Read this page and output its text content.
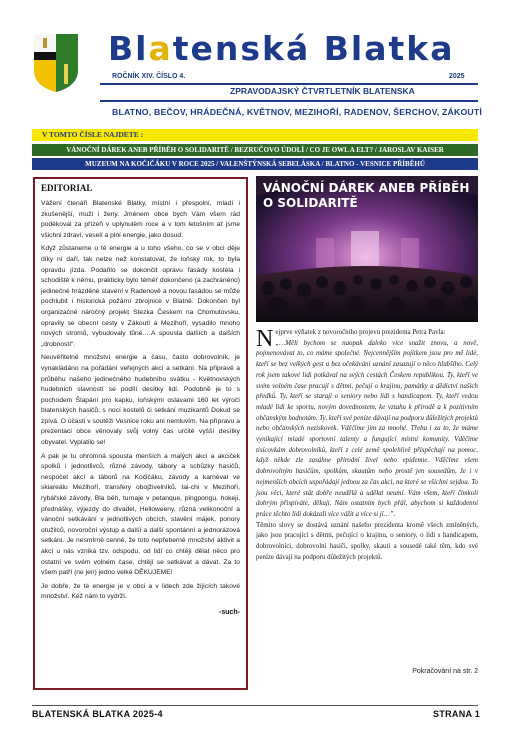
Blatenská Blatka
ROČNÍK XIV. ČÍSLO 4.	2025
ZPRAVODAJSKÝ ČTVRTLETNÍK BLATENSKA
BLATNO, BEČOV, HRÁDEČNÁ, KVĚTNOV, MEZIHOŘÍ, RADENOV, ŠERCHOV, ZÁKOUTÍ
V TOMTO ČÍSLE NAJDETE :
VÁNOČNÍ DÁREK ANEB PŘÍBĚH O SOLIDARITĚ / BEZRUČOVO ÚDOLÍ / CO JE OWL A ELT? / JAROSLAV KAISER
MUZEUM NA KOČIČÁKU V ROCE 2025 / VALENŠTÝNSKÁ SEBELÁSKA / BLATNO - VESNICE PŘÍBĚHŮ
EDITORIAL

Vážení čtenáři Blatenské Blatky, místní i přespolní, mladí i zkušenější, muži i ženy. Jménem obce bych Vám všem rád poděkoval za přízeň v uplynulém roce a v tom letošním ať jsme všichni zdraví, veselí a plní energie, jako dosud.

Když zůstaneme u té energie a u toho všeho, co se v obci děje díky ní daří, tak nelze než konstatovat, že loňský rok, to byla opravdu jízda. Podařilo se dokončit opravu fasády kostela i schodiště k němu, prakticky bylo téměř dokončeno (a zachráněno) jedinečné hrázděné stavení v Radenově a novou fasádou se může pochlubit i historická požární zbrojnice v Blatně. Dokončen byl organizačně náročný projekt Stezka Českem na Chomutovsku, opravily se obecní cesty v Zákoutí a Mezihoří, vysadilo mnoho nových stromů, vybudovaly tůně.…A spousta dalších a dalších „drobností“.

Neuvěřitelné množství energie a času, často dobrovolník, je vynakládáno na pořádání veřejných akcí a setkání. Na připravě a průběhu našeho jedinečného hudebního svátku - Květnovských hudebních slavností se podílí desítky lidí. Podobně je to s pochodem Šlapání pro kapku, loňskými oslavami 160 let výročí blatenských hasičů, s nocí kostelů či setkání muzikantů Dokud se zpívá. O účasti v soutěži Vesnice roku ani nemluvím. Na přípravu a prezentaci obce věnovaly svůj volný čas určitě vyšší desítky obyvatel. Vyplatilo se!

A pak je tu ohromná spousta menších a malých akcí a akciček spolků i jednotlivců, různé závody, tábory a schůzky hasičů, nespočet akcí a táborů na Kočičáku, závody a karneval ve skiareálu Mezihoří, transfery obojživelníků, tai-chi v Mezihoří, rybářské závody, Bla běh, turnaje v petanque, pingpongu, hokeji, přednášky, výjezdy do divadel, Helloweeny, různá velikonoční a vánoční setkávání v jednotlivých obcích, stavění májek, ponory otužilců, novoroční výstup a další a další spontánní a jednorázová setkání. Je nesmírně cenné, že toto nepřeberné množství aktivit a akcí u nás vzniká tzv. odspodu, od lidí co chtějí dělat něco pro ostatní ve svém volném čase, chtějí se setkávat a dávat. Za to všem patří (ne jen) jedno velké DĚKUJEME!

Je dobře, že té energie je v obci a v lidech zde žijících takové množství. Kéž nám to vydrží.

-such-
VÁNOČNÍ DÁREK ANEB PŘÍBĚH O SOLIDARITĚ
Nejprve výňatek z novoročního projevu prezidenta Petra Pavla:
„…Měli bychom se naopak daleko více snažit znovu, a nově, pojmenovávat to, co máme společné. Nejcennějším pojítkem jsou pro mě lidé, kteří se bez velkých gest a bez očekávání uznání zasazují o něco hlubšího. Celý rok jsem takové lidi potkával na svých cestách Českem republikou. Ty, kteří ve svém volném čase pracují s dětmi, pečují o krajinu, památky a dědictví našich předků. Ty, kteří se starají o seniory nebo lidi s handicapem. Ty, kteří vedou mladé lidi ke sportu, novým dovednostem, ke vztahu k přírodě a k pozitivním občanským hodnotám. Ty, kteří své peníze dávají na podporu důležitých projektů nebo občanských neziskovek. Vděčíme jim za mnohé. Třeba i za to, že máme vynikající mladé sportovní talenty a fungující místní komunity. Vděčíme tisícovkám dobrovolníků, kteří z celé země spolehlivě přispěchají na pomoc, když někde zle zasáhne přírodní živel nebo epidemie. Vděčíme všem dobrovolným hasičům, spolkům, skautům nebo prostě jen sousedům, že i v nejmenších obcích uspořádají jednou za čas akci, na které se všichni sejdou. To jsou věci, které stát dobře neudělá a udělat neumí. Vám všem, kteří čímkoli dobrým přispíváte, děkuji. Nám ostatním bych přál, abychom si každodenní práce těchto lidí dokázali více vážit a více si jí…”.
Těmito slovy se dostává uznání našeho prezidenta kromě všech zmíněných, jako jsou pracující s dětmi, pečující o krajinu, o seniory, o lidi s handicapem, dobrovolníci, dobrovolní hasiči, spolky, skauti a sousedé také těm, kdo své peníze dávají na podporu důležitých projektů.
Pokračování na str. 2
BLATENSKÁ BLATKA 2025-4	STRANA 1
